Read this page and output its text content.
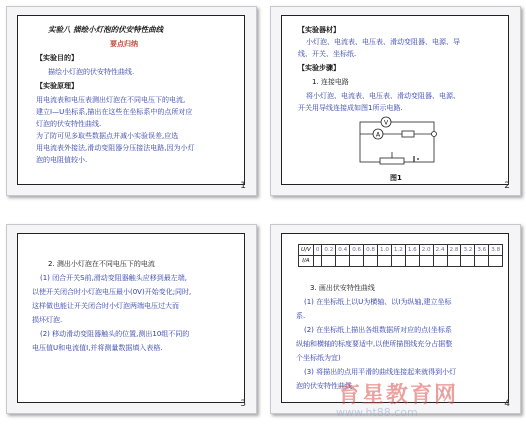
实验八 描绘小灯泡的伏安特性曲线
要点归纳
【实验目的】
描绘小灯泡的伏安特性曲线.
【实验原理】
用电流表和电压表测出灯泡在不同电压下的电流,
建立I—U坐标系,描出在这些在坐标系中的点所对应
灯泡的伏安特性曲线.
为了防可见多取些数据点并减小实验误差,应选
用电流表外接法,滑动变阻器分压接法电路,因为小灯
泡的电阻值较小.
1
【实验器材】
小灯泡、电流表、电压表、滑动变阻器、电源、导
线、开关、坐标纸.
【实验步骤】
1. 连接电路
将小灯泡、电流表、电压表、滑动变阻器、电源、
开关用导线连接成如图1所示电路.
V
A
图1
2
2. 测出小灯泡在不同电压下的电流
(1) 闭合开关S前,滑动变阻器触头应移到最左端,
以使开关闭合时小灯泡电压最小(0V)开始变化;同时,
这样做也能让开关闭合时小灯泡两端电压过大而
损坏灯泡.
(2) 移动滑动变阻器触头的位置,测出10组不同的
电压值U和电流值I,并将测量数据填入表格.
3
U/V	0	0.2	0.4	0.6	0.8	1.0	1.2	1.6	2.0	2.4	2.8	3.2	3.6	3.8
I/A														
3. 画出伏安特性曲线
(1) 在坐标纸上以U为横轴、以I为纵轴,建立坐标
系.
(2) 在坐标纸上描出各组数据所对应的点(坐标系
纵轴和横轴的标度要适中,以使所描图线充分占据整
个坐标纸为宜)
(3) 将描出的点用平滑的曲线连接起来就得到小灯
泡的伏安特性曲线.
4
育星教育网
www.ht88.com
